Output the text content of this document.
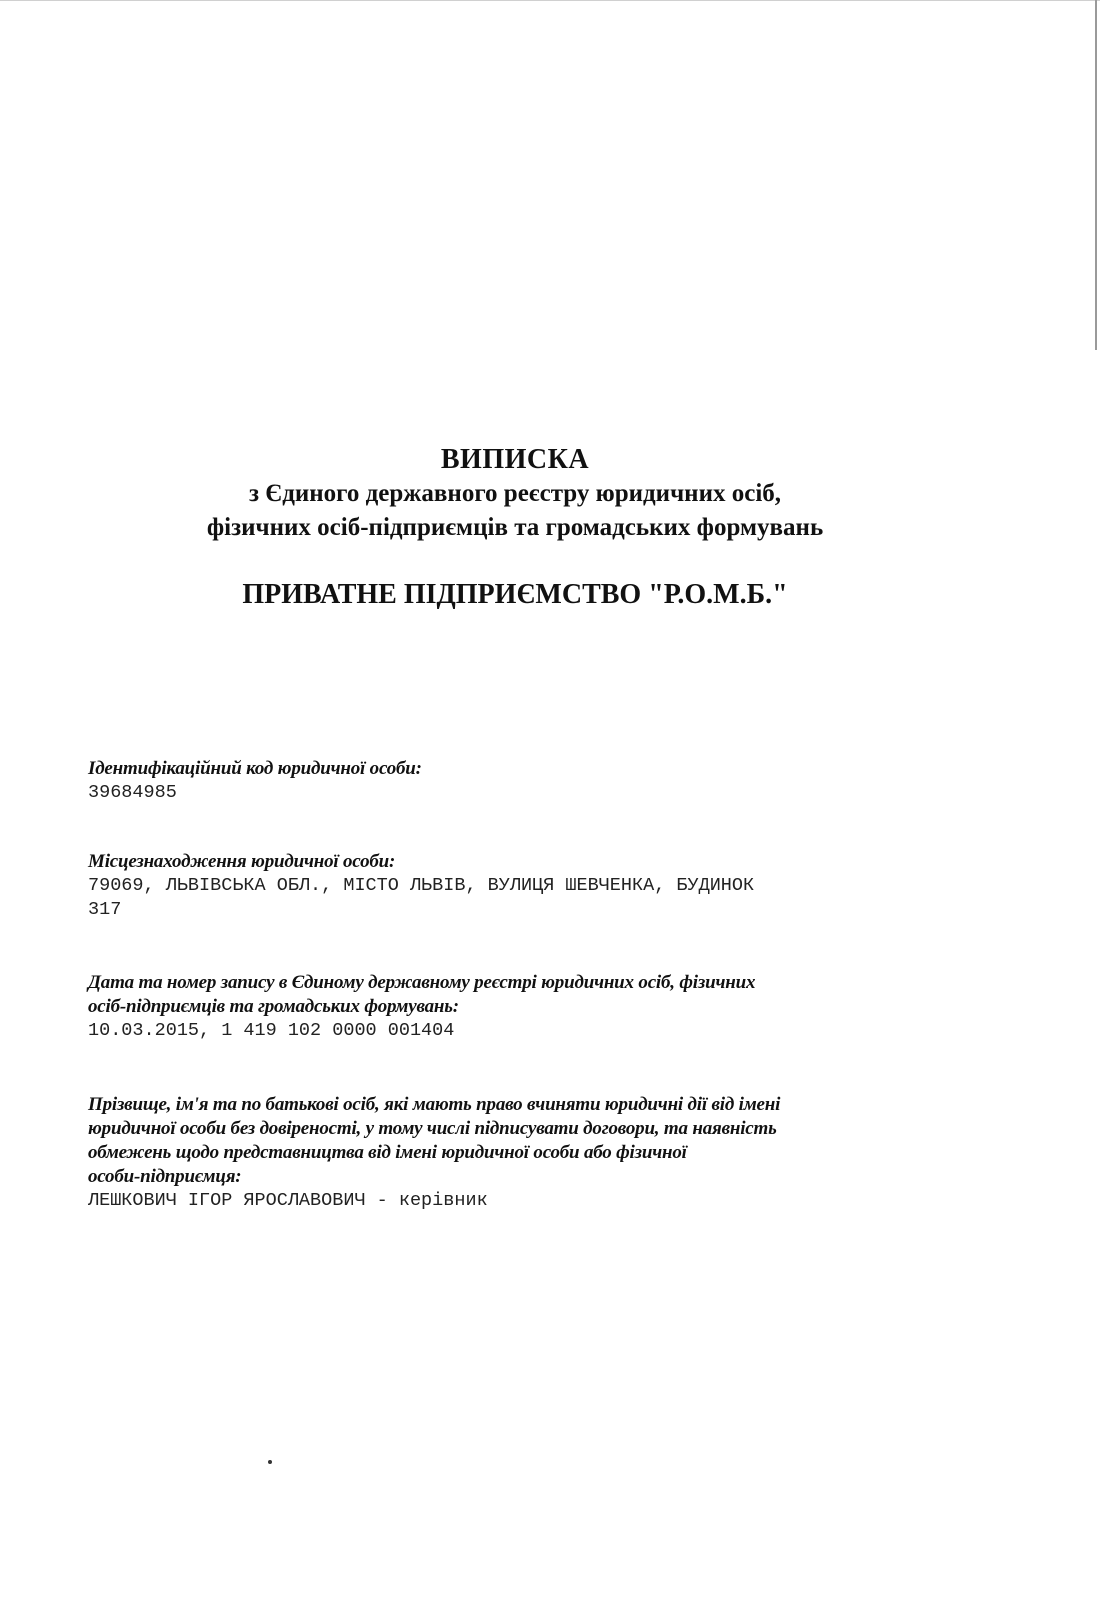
ВИПИСКА
з Єдиного державного реєстру юридичних осіб,
фізичних осіб-підприємців та громадських формувань
ПРИВАТНЕ ПІДПРИЄМСТВО "Р.О.М.Б."
Ідентифікаційний код юридичної особи:
39684985
Місцезнаходження юридичної особи:
79069, ЛЬВІВСЬКА ОБЛ., МІСТО ЛЬВІВ, ВУЛИЦЯ ШЕВЧЕНКА, БУДИНОК
317
Дата та номер запису в Єдиному державному реєстрі юридичних осіб, фізичних
осіб-підприємців та громадських формувань:
10.03.2015, 1 419 102 0000 001404
Прізвище, ім'я та по батькові осіб, які мають право вчиняти юридичні дії від імені
юридичної особи без довіреності, у тому числі підписувати договори, та наявність
обмежень щодо представництва від імені юридичної особи або фізичної
особи-підприємця:
ЛЕШКОВИЧ ІГОР ЯРОСЛАВОВИЧ - керівник
